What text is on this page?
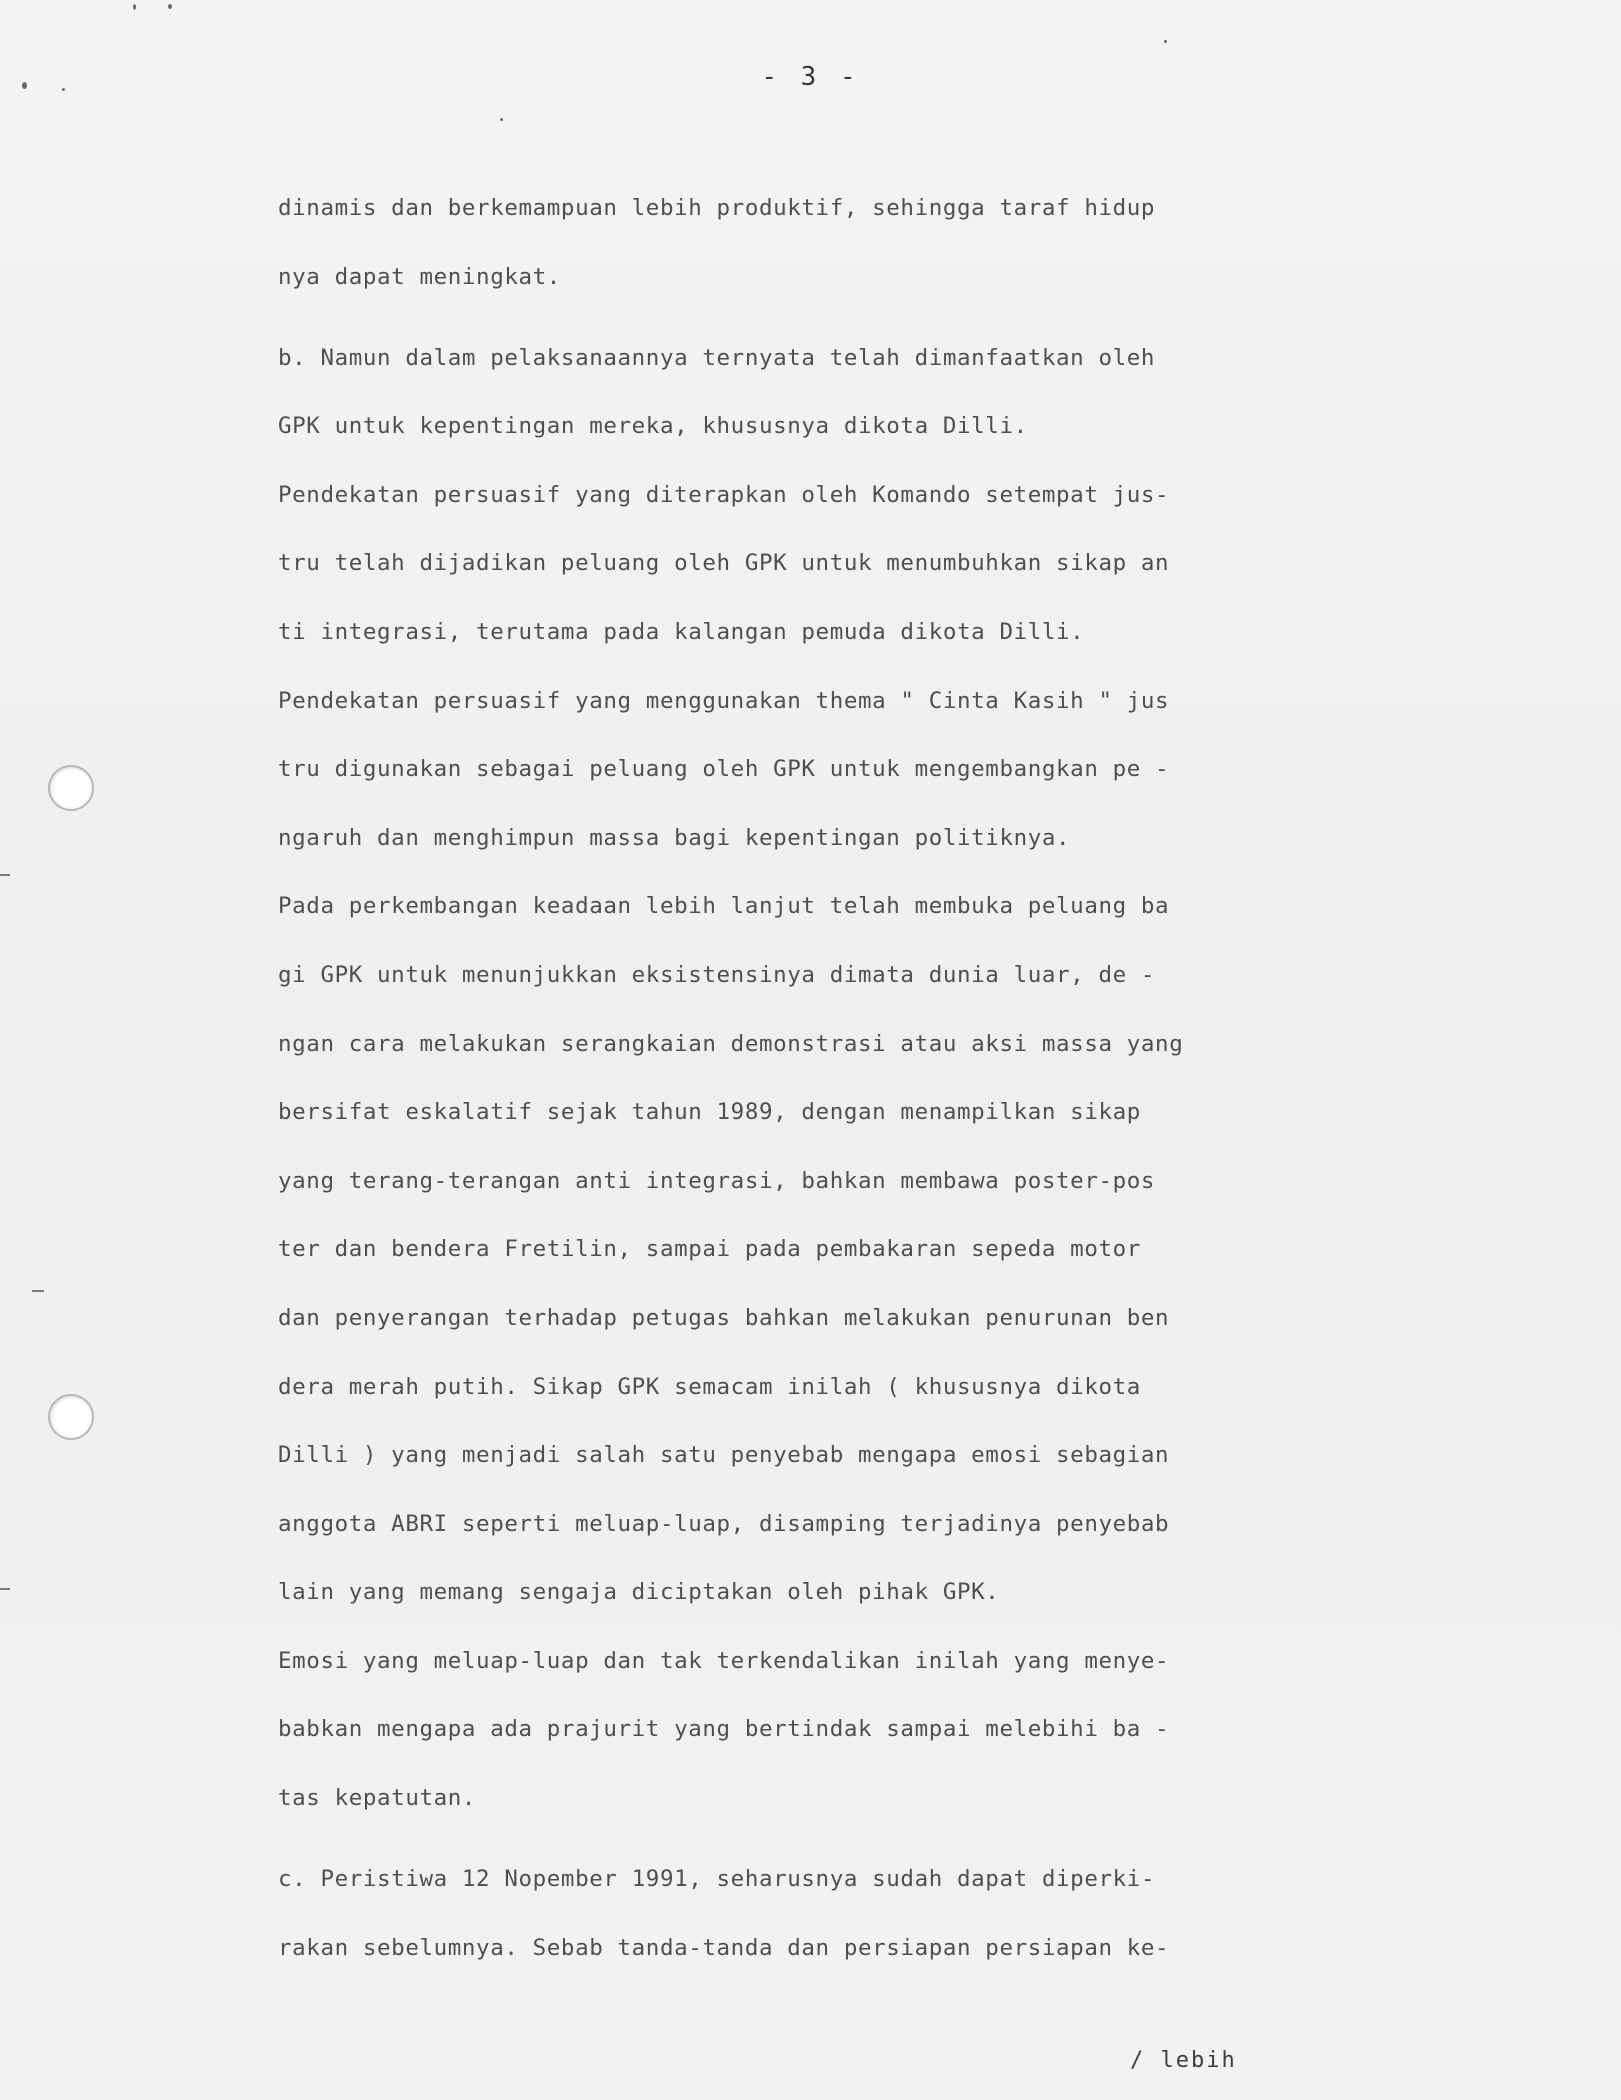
- 3 -
dinamis dan berkemampuan lebih produktif, sehingga taraf hidup
nya dapat meningkat.
b. Namun dalam pelaksanaannya ternyata telah dimanfaatkan oleh
GPK untuk kepentingan mereka, khususnya dikota Dilli.
Pendekatan persuasif yang diterapkan oleh Komando setempat jus-
tru telah dijadikan peluang oleh GPK untuk menumbuhkan sikap an
ti integrasi, terutama pada kalangan pemuda dikota Dilli.
Pendekatan persuasif yang menggunakan thema " Cinta Kasih " jus
tru digunakan sebagai peluang oleh GPK untuk mengembangkan pe -
ngaruh dan menghimpun massa bagi kepentingan politiknya.
Pada perkembangan keadaan lebih lanjut telah membuka peluang ba
gi GPK untuk menunjukkan eksistensinya dimata dunia luar, de -
ngan cara melakukan serangkaian demonstrasi atau aksi massa yang
bersifat eskalatif sejak tahun 1989, dengan menampilkan sikap
yang terang-terangan anti integrasi, bahkan membawa poster-pos
ter dan bendera Fretilin, sampai pada pembakaran sepeda motor
dan penyerangan terhadap petugas bahkan melakukan penurunan ben
dera merah putih. Sikap GPK semacam inilah ( khususnya dikota
Dilli ) yang menjadi salah satu penyebab mengapa emosi sebagian
anggota ABRI seperti meluap-luap, disamping terjadinya penyebab
lain yang memang sengaja diciptakan oleh pihak GPK.
Emosi yang meluap-luap dan tak terkendalikan inilah yang menye-
babkan mengapa ada prajurit yang bertindak sampai melebihi ba -
tas kepatutan.
c. Peristiwa 12 Nopember 1991, seharusnya sudah dapat diperki-
rakan sebelumnya. Sebab tanda-tanda dan persiapan persiapan ke-
/ lebih
